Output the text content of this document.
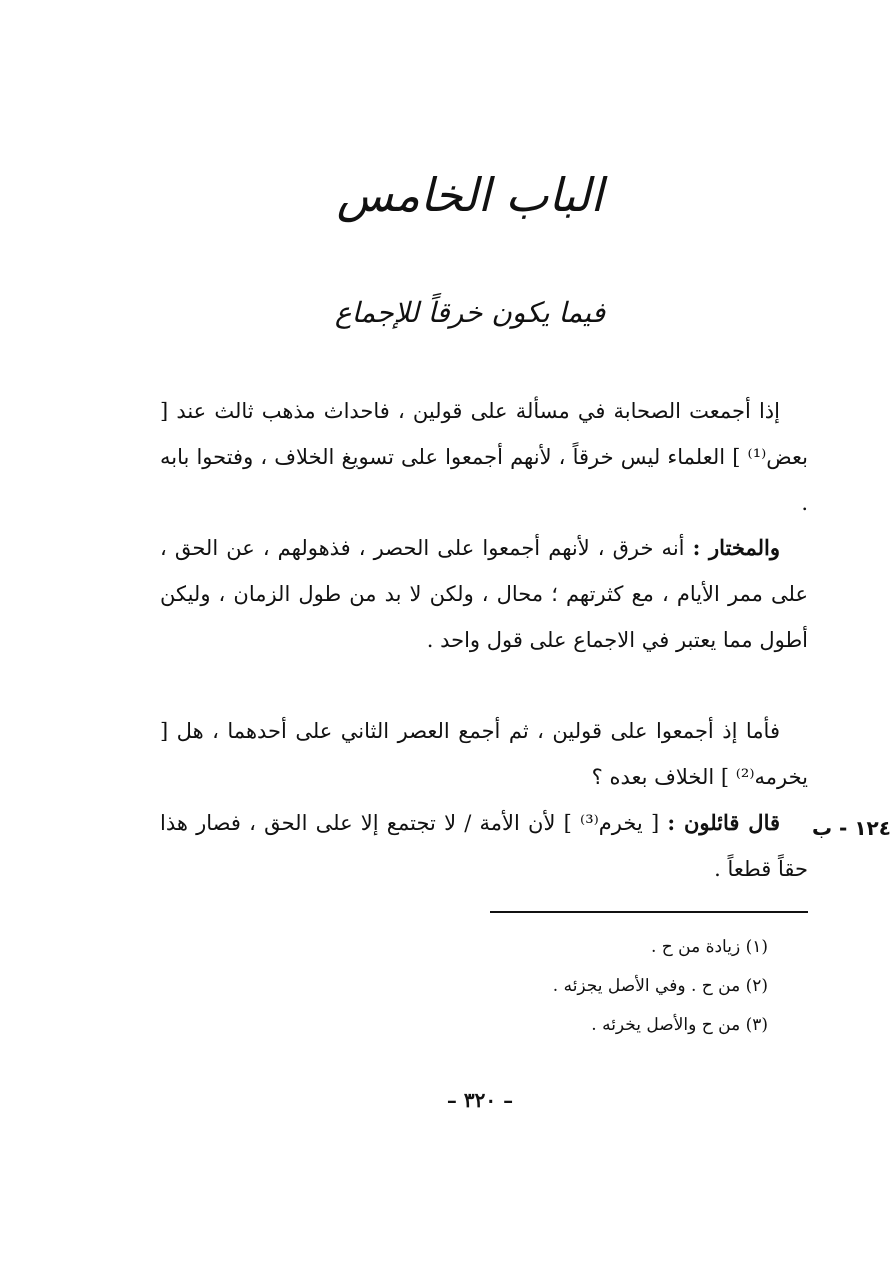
الباب الخامس
فيما يكون خرقاً للإجماع

إذا أجمعت الصحابة في مسألة على قولين ، فاحداث مذهب ثالث عند [ بعض⁽¹⁾ ] العلماء ليس خرقاً ، لأنهم أجمعوا على تسويغ الخلاف ، وفتحوا بابه .

والمختار : أنه خرق ، لأنهم أجمعوا على الحصر ، فذهولهم ، عن الحق ، على ممر الأيام ، مع كثرتهم ؛ محال ، ولكن لا بد من طول الزمان ، وليكن أطول مما يعتبر في الاجماع على قول واحد .

فأما إذ أجمعوا على قولين ، ثم أجمع العصر الثاني على أحدهما ، هل [ يخرمه⁽²⁾ ] الخلاف بعده ؟

قال قائلون : [ يخرم⁽³⁾ ] لأن الأمة / لا تجتمع إلا على الحق ، فصار هذا حقاً قطعاً .

١٢٤ - ب
(١) زيادة من ح .
(٢) من ح . وفي الأصل يجزئه .
(٣) من ح والأصل يخرئه .
– ٣٢٠ –
